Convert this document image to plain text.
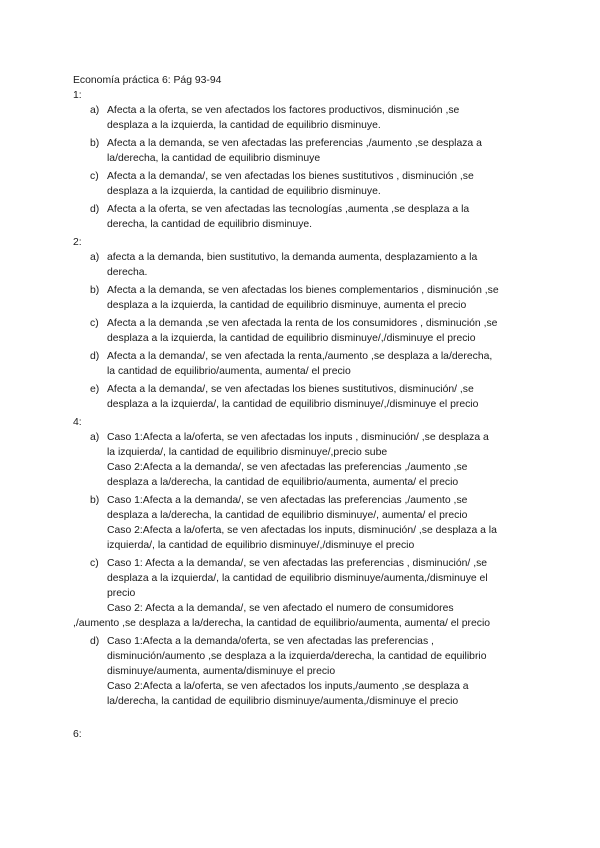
Economía práctica 6: Pág 93-94
1:
a) Afecta a la oferta, se ven afectados los factores productivos, disminución ,se
desplaza a la izquierda, la cantidad de equilibrio disminuye.
b) Afecta a la demanda, se ven afectadas las preferencias ,/aumento ,se desplaza a
la/derecha, la cantidad de equilibrio disminuye
c) Afecta a la demanda/, se ven afectadas los bienes sustitutivos , disminución ,se
desplaza a la izquierda, la cantidad de equilibrio disminuye.
d) Afecta a la oferta, se ven afectadas las tecnologías ,aumenta ,se desplaza a la
derecha, la cantidad de equilibrio disminuye.
2:
a) afecta a la demanda, bien sustitutivo, la demanda aumenta, desplazamiento a la
derecha.
b) Afecta a la demanda, se ven afectadas los bienes complementarios , disminución ,se
desplaza a la izquierda, la cantidad de equilibrio disminuye, aumenta el precio
c) Afecta a la demanda ,se ven afectada la renta de los consumidores , disminución ,se
desplaza a la izquierda, la cantidad de equilibrio disminuye/,/disminuye el precio
d) Afecta a la demanda/, se ven afectada la renta,/aumento ,se desplaza a la/derecha,
la cantidad de equilibrio/aumenta, aumenta/ el precio
e) Afecta a la demanda/, se ven afectadas los bienes sustitutivos, disminución/ ,se
desplaza a la izquierda/, la cantidad de equilibrio disminuye/,/disminuye el precio
4:
a) Caso 1:Afecta a la/oferta, se ven afectadas los inputs , disminución/ ,se desplaza a
la izquierda/, la cantidad de equilibrio disminuye/,precio sube
Caso 2:Afecta a la demanda/, se ven afectadas las preferencias ,/aumento ,se
desplaza a la/derecha, la cantidad de equilibrio/aumenta, aumenta/ el precio
b) Caso 1:Afecta a la demanda/, se ven afectadas las preferencias ,/aumento ,se
desplaza a la/derecha, la cantidad de equilibrio disminuye/, aumenta/ el precio
Caso 2:Afecta a la/oferta, se ven afectadas los inputs, disminución/ ,se desplaza a la
izquierda/, la cantidad de equilibrio disminuye/,/disminuye el precio
c) Caso 1: Afecta a la demanda/, se ven afectadas las preferencias , disminución/ ,se
desplaza a la izquierda/, la cantidad de equilibrio disminuye/aumenta,/disminuye el
precio
Caso 2: Afecta a la demanda/, se ven afectado el numero de consumidores
,/aumento ,se desplaza a la/derecha, la cantidad de equilibrio/aumenta, aumenta/ el precio
d) Caso 1:Afecta a la demanda/oferta, se ven afectadas las preferencias ,
disminución/aumento ,se desplaza a la izquierda/derecha, la cantidad de equilibrio
disminuye/aumenta, aumenta/disminuye el precio
Caso 2:Afecta a la/oferta, se ven afectados los inputs,/aumento ,se desplaza a
la/derecha, la cantidad de equilibrio disminuye/aumenta,/disminuye el precio
6:
